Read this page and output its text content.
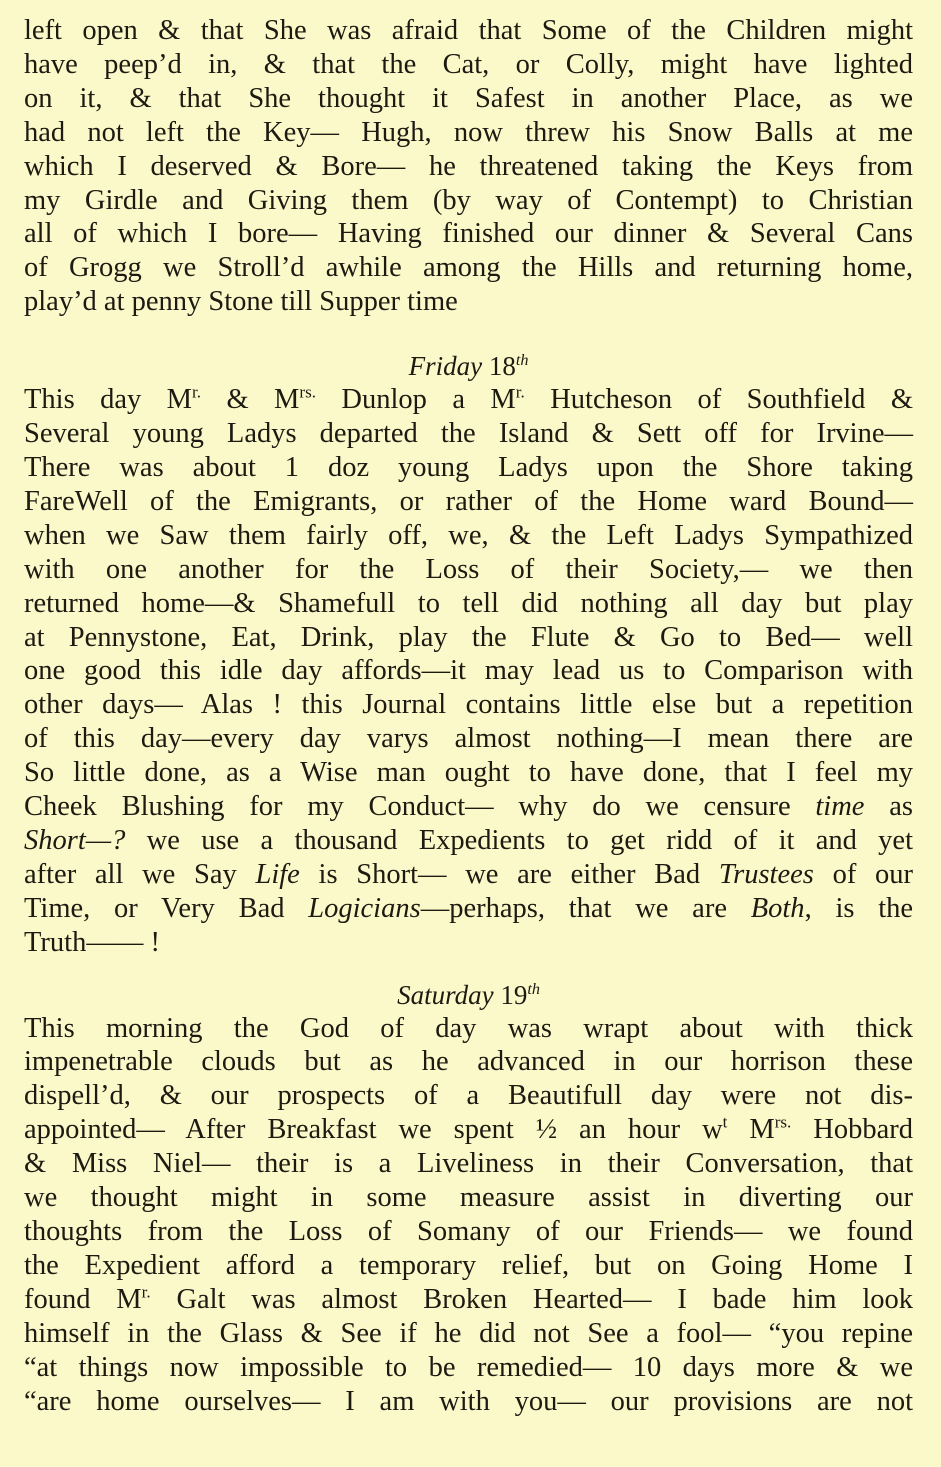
left open & that She was afraid that Some of the Children might
have peep’d in, & that the Cat, or Colly, might have lighted
on it, & that She thought it Safest in another Place, as we
had not left the Key— Hugh, now threw his Snow Balls at me
which I deserved & Bore— he threatened taking the Keys from
my Girdle and Giving them (by way of Contempt) to Christian
all of which I bore— Having finished our dinner & Several Cans
of Grogg we Stroll’d awhile among the Hills and returning home,
play’d at penny Stone till Supper time

Friday 18th

This day $M^{r.}$ & $M^{rs.}$ Dunlop a $M^{r.}$ Hutcheson of Southfield &
Several young Ladys departed the Island & Sett off for Irvine—
There was about 1 doz young Ladys upon the Shore taking
FareWell of the Emigrants, or rather of the Home ward Bound—
when we Saw them fairly off, we, & the Left Ladys Sympathized
with one another for the Loss of their Society,— we then
returned home—& Shamefull to tell did nothing all day but play
at Pennystone, Eat, Drink, play the Flute & Go to Bed— well
one good this idle day affords—it may lead us to Comparison with
other days— Alas ! this Journal contains little else but a repetition
of this day—every day varys almost nothing—I mean there are
So little done, as a Wise man ought to have done, that I feel my
Cheek Blushing for my Conduct— why do we censure time as
Short—? we use a thousand Expedients to get ridd of it and yet
after all we Say Life is Short— we are either Bad Trustees of our
Time, or Very Bad Logicians—perhaps, that we are Both, is the
Truth—— !

Saturday 19th

This morning the God of day was wrapt about with thick
impenetrable clouds but as he advanced in our horrison these
dispell’d, & our prospects of a Beautifull day were not dis-
appointed— After Breakfast we spent ½ an hour $w^t$ $M^{rs.}$ Hobbard
& Miss Niel— their is a Liveliness in their Conversation, that
we thought might in some measure assist in diverting our
thoughts from the Loss of Somany of our Friends— we found
the Expedient afford a temporary relief, but on Going Home I
found $M^{r.}$ Galt was almost Broken Hearted— I bade him look
himself in the Glass & See if he did not See a fool— “you repine
“at things now impossible to be remedied— 10 days more & we
“are home ourselves— I am with you— our provisions are not
